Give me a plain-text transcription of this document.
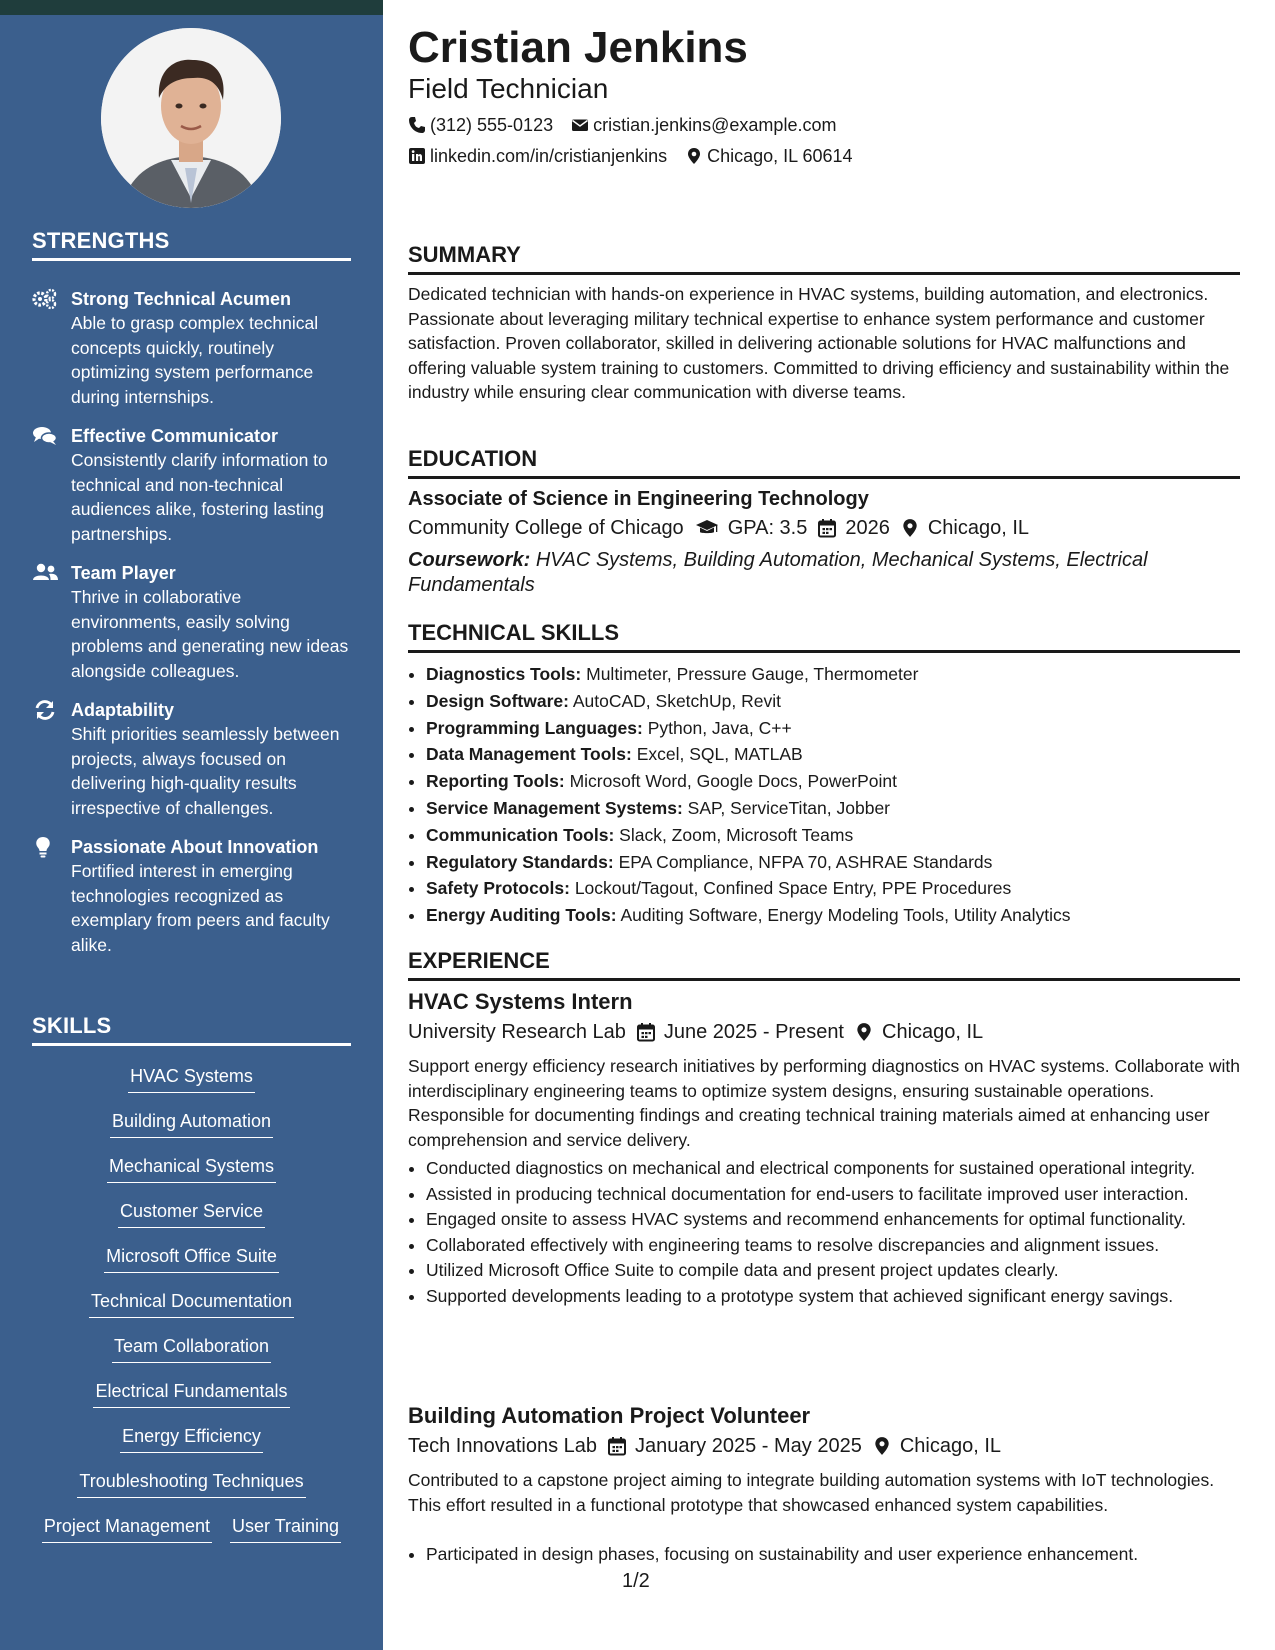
STRENGTHS
Strong Technical Acumen
Able to grasp complex technical concepts quickly, routinely optimizing system performance during internships.
Effective Communicator
Consistently clarify information to technical and non-technical audiences alike, fostering lasting partnerships.
Team Player
Thrive in collaborative environments, easily solving problems and generating new ideas alongside colleagues.
Adaptability
Shift priorities seamlessly between projects, always focused on delivering high-quality results irrespective of challenges.
Passionate About Innovation
Fortified interest in emerging technologies recognized as exemplary from peers and faculty alike.
SKILLS
HVAC Systems
Building Automation
Mechanical Systems
Customer Service
Microsoft Office Suite
Technical Documentation
Team Collaboration
Electrical Fundamentals
Energy Efficiency
Troubleshooting Techniques
Project Management User Training
Cristian Jenkins
Field Technician
(312) 555-0123 cristian.jenkins@example.com
linkedin.com/in/cristianjenkins Chicago, IL 60614
SUMMARY
Dedicated technician with hands-on experience in HVAC systems, building automation, and electronics. Passionate about leveraging military technical expertise to enhance system performance and customer satisfaction. Proven collaborator, skilled in delivering actionable solutions for HVAC malfunctions and offering valuable system training to customers. Committed to driving efficiency and sustainability within the industry while ensuring clear communication with diverse teams.
EDUCATION
Associate of Science in Engineering Technology
Community College of Chicago GPA: 3.5 2026 Chicago, IL
Coursework: HVAC Systems, Building Automation, Mechanical Systems, Electrical Fundamentals
TECHNICAL SKILLS
• Diagnostics Tools: Multimeter, Pressure Gauge, Thermometer
• Design Software: AutoCAD, SketchUp, Revit
• Programming Languages: Python, Java, C++
• Data Management Tools: Excel, SQL, MATLAB
• Reporting Tools: Microsoft Word, Google Docs, PowerPoint
• Service Management Systems: SAP, ServiceTitan, Jobber
• Communication Tools: Slack, Zoom, Microsoft Teams
• Regulatory Standards: EPA Compliance, NFPA 70, ASHRAE Standards
• Safety Protocols: Lockout/Tagout, Confined Space Entry, PPE Procedures
• Energy Auditing Tools: Auditing Software, Energy Modeling Tools, Utility Analytics
EXPERIENCE
HVAC Systems Intern
University Research Lab June 2025 - Present Chicago, IL
Support energy efficiency research initiatives by performing diagnostics on HVAC systems. Collaborate with interdisciplinary engineering teams to optimize system designs, ensuring sustainable operations. Responsible for documenting findings and creating technical training materials aimed at enhancing user comprehension and service delivery.
• Conducted diagnostics on mechanical and electrical components for sustained operational integrity.
• Assisted in producing technical documentation for end-users to facilitate improved user interaction.
• Engaged onsite to assess HVAC systems and recommend enhancements for optimal functionality.
• Collaborated effectively with engineering teams to resolve discrepancies and alignment issues.
• Utilized Microsoft Office Suite to compile data and present project updates clearly.
• Supported developments leading to a prototype system that achieved significant energy savings.
Building Automation Project Volunteer
Tech Innovations Lab January 2025 - May 2025 Chicago, IL
Contributed to a capstone project aiming to integrate building automation systems with IoT technologies. This effort resulted in a functional prototype that showcased enhanced system capabilities.
• Participated in design phases, focusing on sustainability and user experience enhancement.
1/2
